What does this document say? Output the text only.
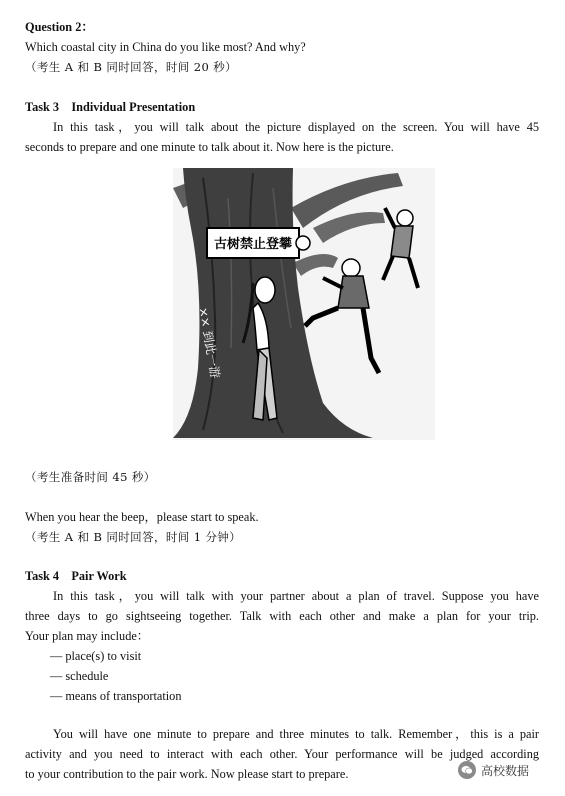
Question 2：
Which coastal city in China do you like most? And why?
（考生 A 和 B 同时回答，时间 20 秒）
Task 3　Individual Presentation
In this task，you will talk about the picture displayed on the screen. You will have 45
seconds to prepare and one minute to talk about it. Now here is the picture.
古树禁止登攀
×× 到此一游
（考生准备时间 45 秒）
When you hear the beep，please start to speak.
（考生 A 和 B 同时回答，时间 1 分钟）
Task 4　Pair Work
In this task，you will talk with your partner about a plan of travel. Suppose you have
three days to go sightseeing together. Talk with each other and make a plan for your trip.
Your plan may include：
— place(s) to visit
— schedule
— means of transportation
You will have one minute to prepare and three minutes to talk. Remember，this is a pair
activity and you need to interact with each other. Your performance will be judged according
to your contribution to the pair work. Now please start to prepare.	高校数据
